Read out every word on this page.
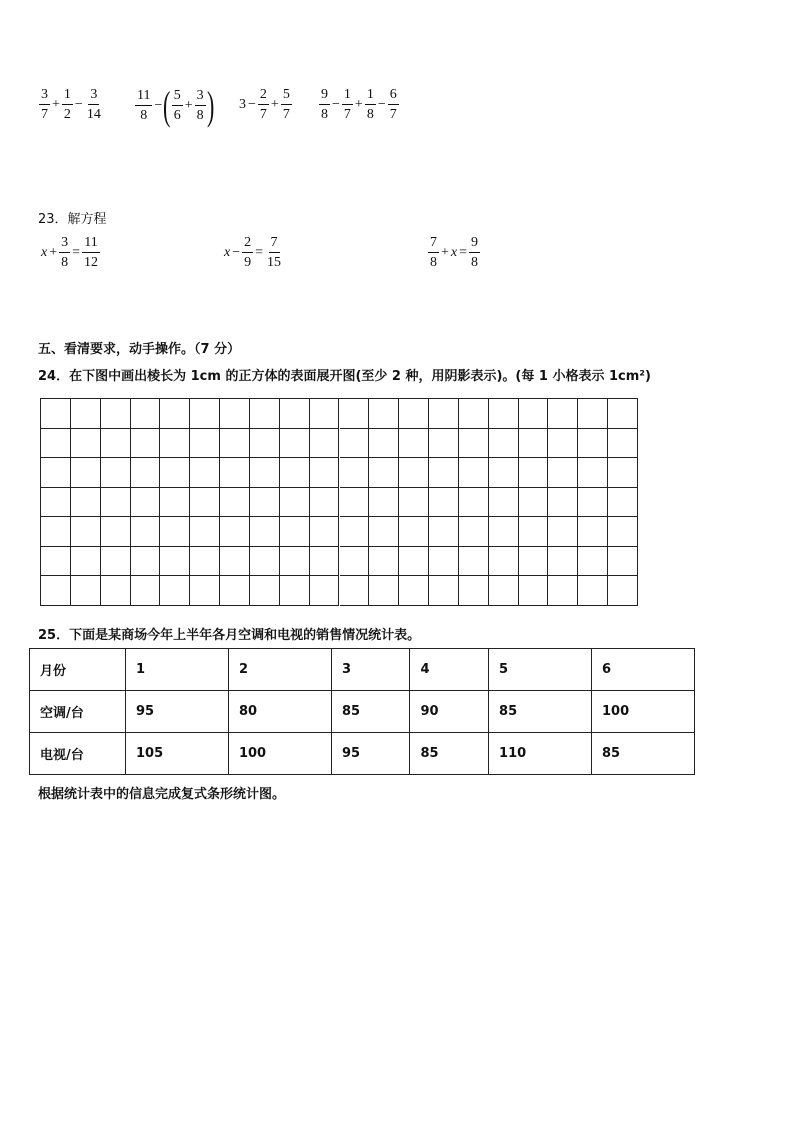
$\frac{3}{7} + \frac{1}{2} - \frac{3}{14} \frac{11}{8}$ − ( $\frac{5}{6} + \frac{3}{8}$ ) $3 - \frac{2}{7} + \frac{5}{7} \frac{9}{8} - \frac{1}{7} + \frac{1}{8} - \frac{6}{7}$
23．解方程
$x + \frac{3}{8} = \frac{11}{12}$	$x - \frac{2}{9} = \frac{7}{15}$	$\frac{7}{8} + x = \frac{9}{8}$
五、看清要求，动手操作。（7 分）
24．在下图中画出棱长为 1cm 的正方体的表面展开图(至少 2 种，用阴影表示)。(每 1 小格表示 1cm²)
25．下面是某商场今年上半年各月空调和电视的销售情况统计表。
月份	1	2	3	4	5	6
空调/台	95	80	85	90	85	100
电视/台	105	100	95	85	110	85
根据统计表中的信息完成复式条形统计图。
